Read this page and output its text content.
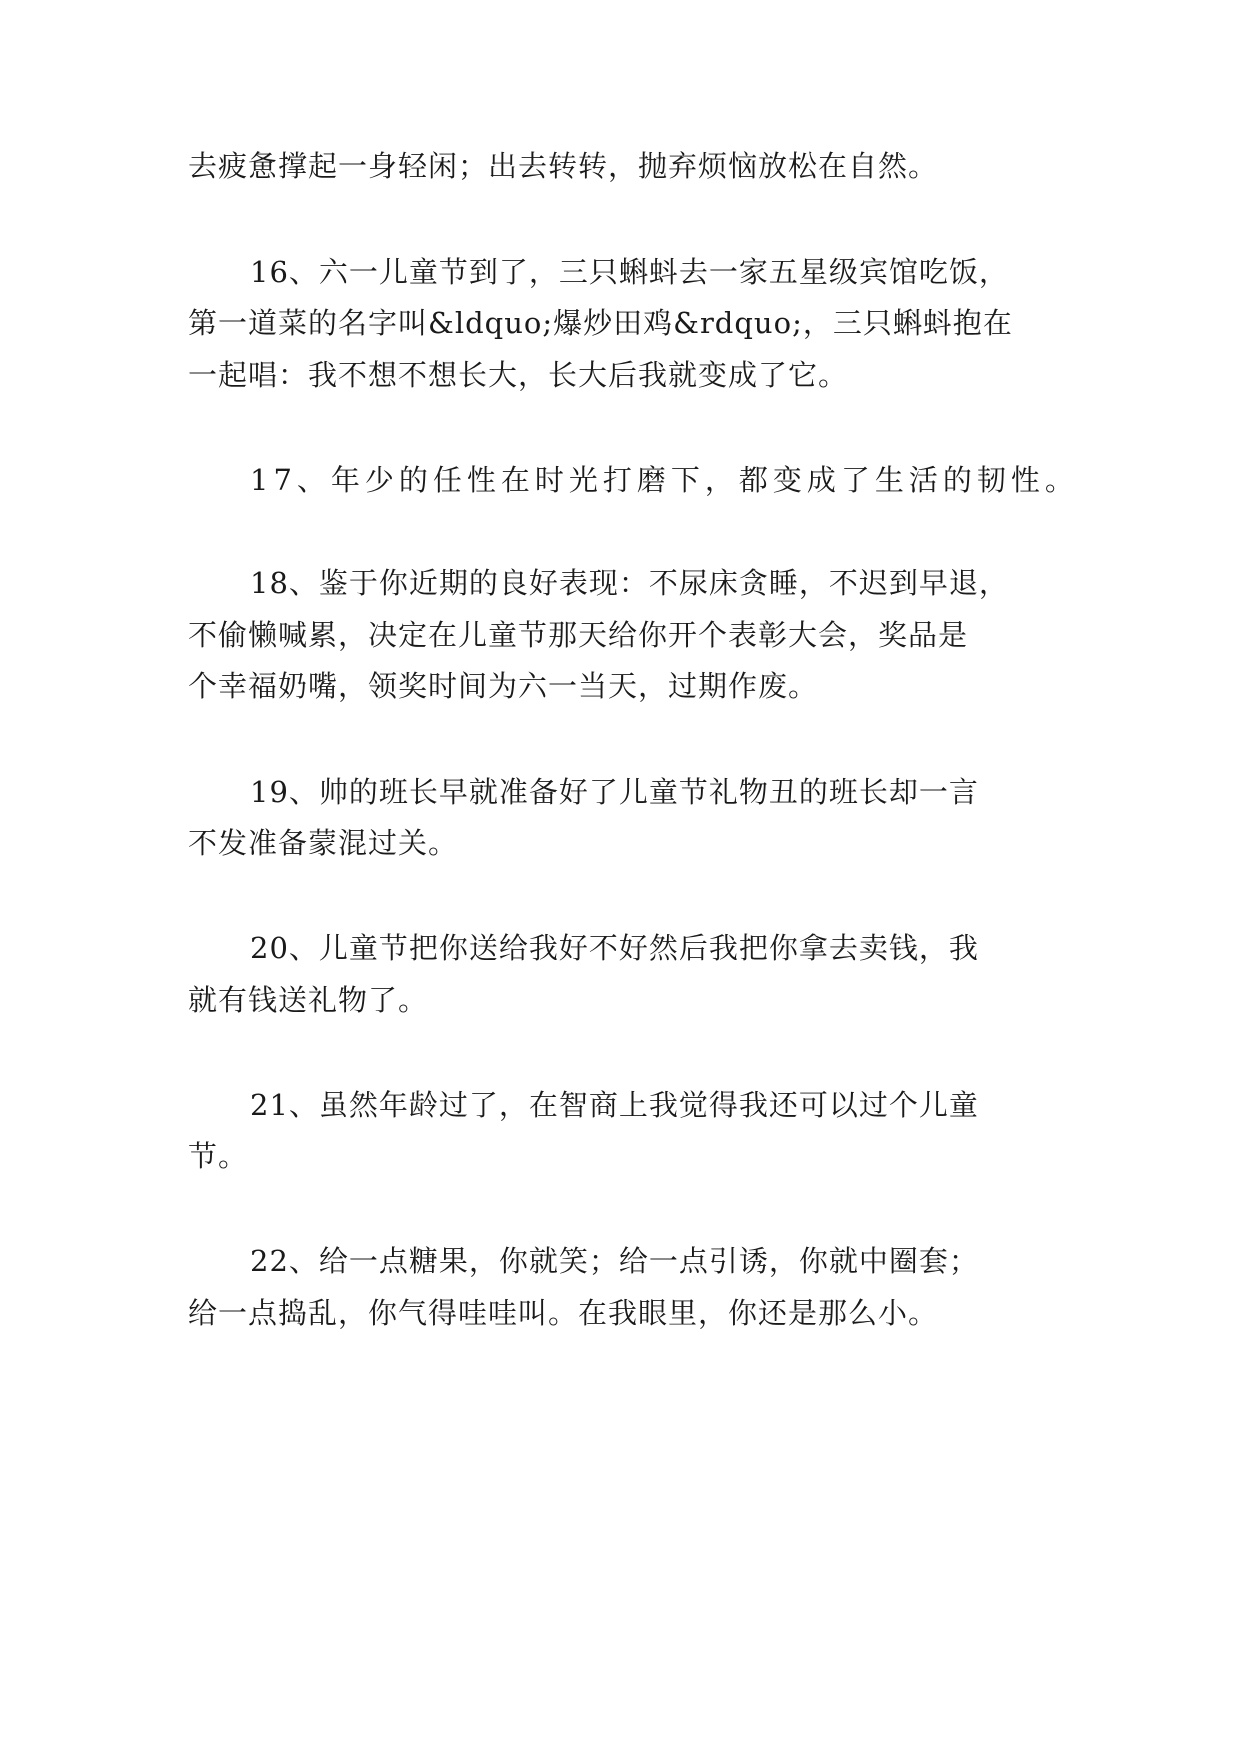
去疲惫撑起一身轻闲；出去转转，抛弃烦恼放松在自然。
16、六一儿童节到了，三只蝌蚪去一家五星级宾馆吃饭，
第一道菜的名字叫&ldquo;爆炒田鸡&rdquo;，三只蝌蚪抱在
一起唱：我不想不想长大，长大后我就变成了它。
17、年少的任性在时光打磨下，都变成了生活的韧性。
18、鉴于你近期的良好表现：不尿床贪睡，不迟到早退，
不偷懒喊累，决定在儿童节那天给你开个表彰大会，奖品是
个幸福奶嘴，领奖时间为六一当天，过期作废。
19、帅的班长早就准备好了儿童节礼物丑的班长却一言
不发准备蒙混过关。
20、儿童节把你送给我好不好然后我把你拿去卖钱，我
就有钱送礼物了。
21、虽然年龄过了，在智商上我觉得我还可以过个儿童
节。
22、给一点糖果，你就笑；给一点引诱，你就中圈套；
给一点捣乱，你气得哇哇叫。在我眼里，你还是那么小。
